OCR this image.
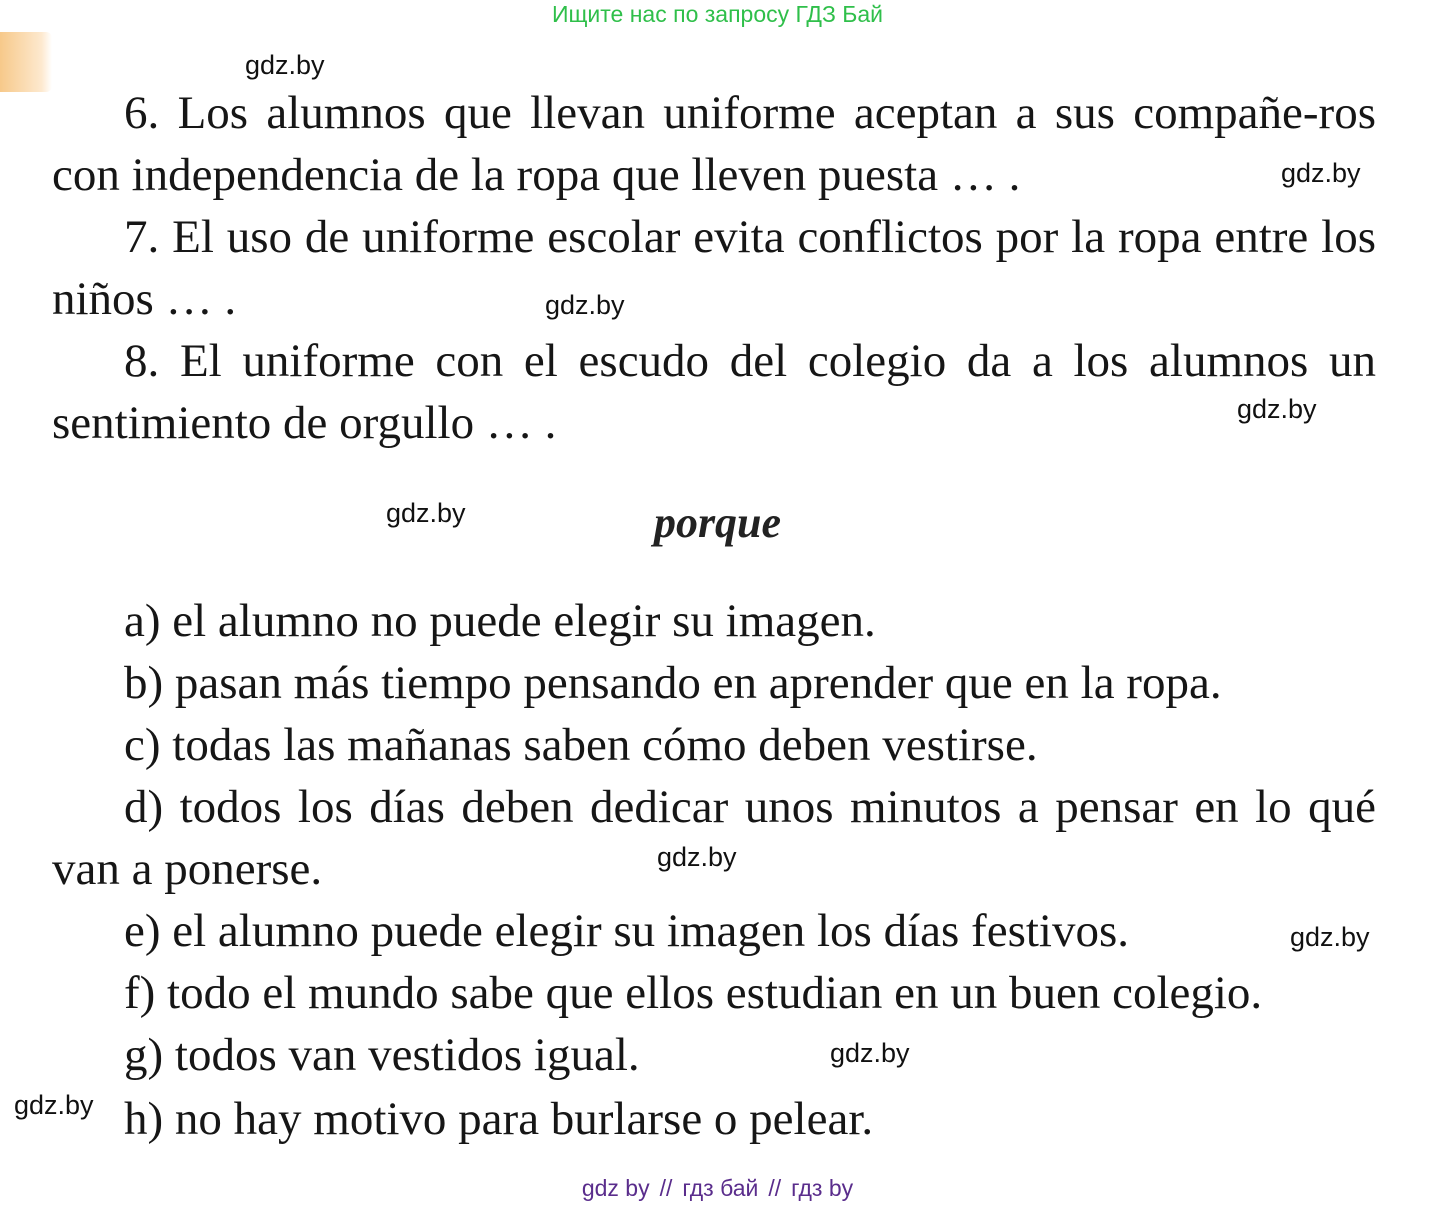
Ищите нас по запросу ГДЗ Бай

6. Los alumnos que llevan uniforme aceptan a sus compañe-ros con independencia de la ropa que lleven puesta … .

7. El uso de uniforme escolar evita conflictos por la ropa entre los niños … .

8. El uniforme con el escudo del colegio da a los alumnos un sentimiento de orgullo … .

porque

a) el alumno no puede elegir su imagen.

b) pasan más tiempo pensando en aprender que en la ropa.

c) todas las mañanas saben cómo deben vestirse.

d) todos los días deben dedicar unos minutos a pensar en lo qué van a ponerse.

e) el alumno puede elegir su imagen los días festivos.

f) todo el mundo sabe que ellos estudian en un buen colegio.

g) todos van vestidos igual.

h) no hay motivo para burlarse o pelear.

gdz.by
gdz.by
gdz.by
gdz.by
gdz.by
gdz.by
gdz.by
gdz.by
gdz.by
gdz by // гдз бай // гдз by
